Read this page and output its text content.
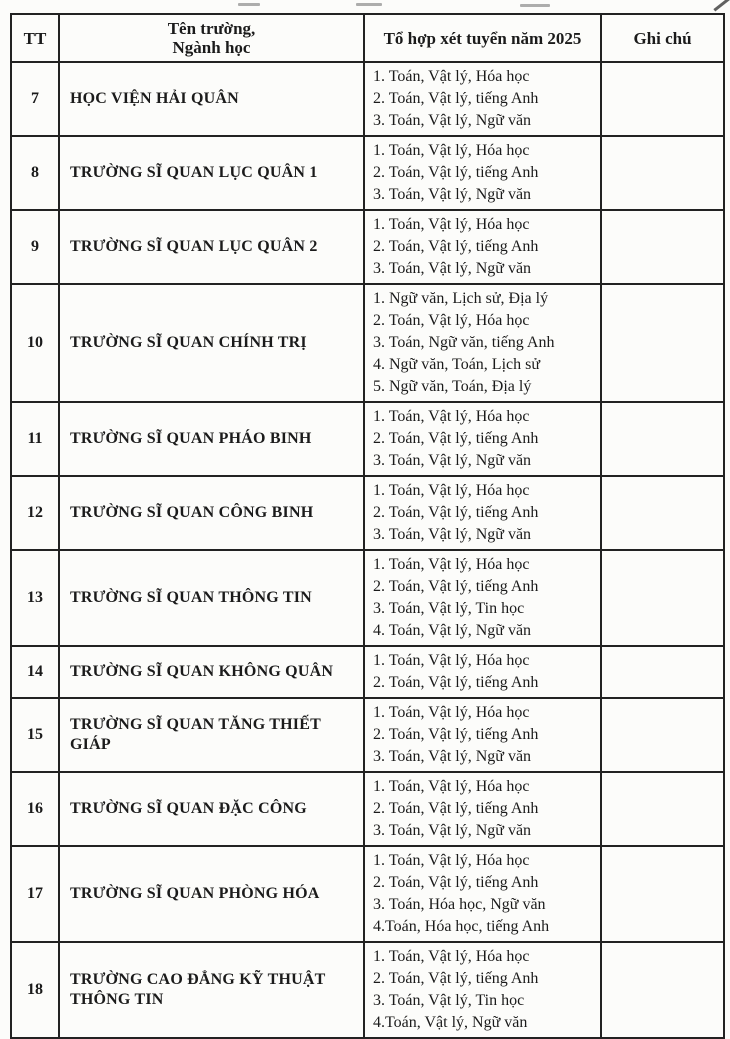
TT	Tên trường,
Ngành học	Tổ hợp xét tuyển năm 2025	Ghi chú
7	HỌC VIỆN HẢI QUÂN	1. Toán, Vật lý, Hóa học
2. Toán, Vật lý, tiếng Anh
3. Toán, Vật lý, Ngữ văn	

8	TRƯỜNG SĨ QUAN LỤC QUÂN 1	1. Toán, Vật lý, Hóa học
2. Toán, Vật lý, tiếng Anh
3. Toán, Vật lý, Ngữ văn	

9	TRƯỜNG SĨ QUAN LỤC QUÂN 2	1. Toán, Vật lý, Hóa học
2. Toán, Vật lý, tiếng Anh
3. Toán, Vật lý, Ngữ văn	

10	TRƯỜNG SĨ QUAN CHÍNH TRỊ	1. Ngữ văn, Lịch sử, Địa lý
2. Toán, Vật lý, Hóa học
3. Toán, Ngữ văn, tiếng Anh
4. Ngữ văn, Toán, Lịch sử
5. Ngữ văn, Toán, Địa lý	

11	TRƯỜNG SĨ QUAN PHÁO BINH	1. Toán, Vật lý, Hóa học
2. Toán, Vật lý, tiếng Anh
3. Toán, Vật lý, Ngữ văn	

12	TRƯỜNG SĨ QUAN CÔNG BINH	1. Toán, Vật lý, Hóa học
2. Toán, Vật lý, tiếng Anh
3. Toán, Vật lý, Ngữ văn	

13	TRƯỜNG SĨ QUAN THÔNG TIN	1. Toán, Vật lý, Hóa học
2. Toán, Vật lý, tiếng Anh
3. Toán, Vật lý, Tin học
4. Toán, Vật lý, Ngữ văn	

14	TRƯỜNG SĨ QUAN KHÔNG QUÂN	1. Toán, Vật lý, Hóa học
2. Toán, Vật lý, tiếng Anh	

15	TRƯỜNG SĨ QUAN TĂNG THIẾT GIÁP	1. Toán, Vật lý, Hóa học
2. Toán, Vật lý, tiếng Anh
3. Toán, Vật lý, Ngữ văn	

16	TRƯỜNG SĨ QUAN ĐẶC CÔNG	1. Toán, Vật lý, Hóa học
2. Toán, Vật lý, tiếng Anh
3. Toán, Vật lý, Ngữ văn	

17	TRƯỜNG SĨ QUAN PHÒNG HÓA	1. Toán, Vật lý, Hóa học
2. Toán, Vật lý, tiếng Anh
3. Toán, Hóa học, Ngữ văn
4.Toán, Hóa học, tiếng Anh	

18	TRƯỜNG CAO ĐẲNG KỸ THUẬT THÔNG TIN	1. Toán, Vật lý, Hóa học
2. Toán, Vật lý, tiếng Anh
3. Toán, Vật lý, Tin học
4.Toán, Vật lý, Ngữ văn	
